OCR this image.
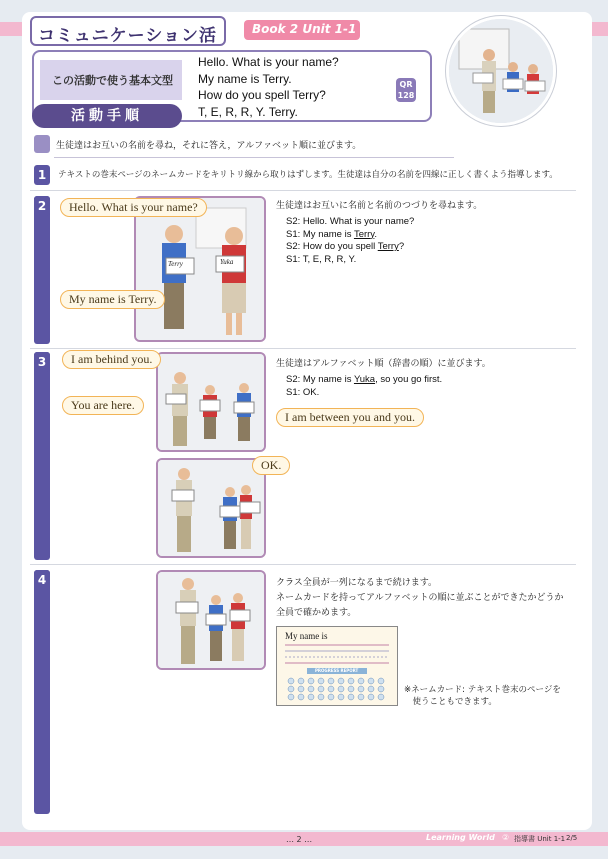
コミュニケーション活	Book 2 Unit 1-1
この活動で使う基本文型
Hello. What is your name?
My name is Terry.
How do you spell Terry?
T, E, R, R, Y. Terry.
QR
128
活動手順
生徒達はお互いの名前を尋ね，それに答え，アルファベット順に並びます。
1	テキストの巻末ページのネームカードをキリトリ線から取りはずします。生徒達は自分の名前を四線に正しく書くよう指導します。
2
Terry	Yuka
Hello. What is your name?
My name is Terry.
生徒達はお互いに名前と名前のつづりを尋ねます。
S2: Hello. What is your name?
S1: My name is Terry.
S2: How do you spell Terry?
S1: T, E, R, R, Y.
3	I am behind you.
You are here.
I am between you and you.
OK.
生徒達はアルファベット順（辞書の順）に並びます。
S2: My name is Yuka, so you go first.
S1: OK.
4	クラス全員が一列になるまで続けます。
ネームカードを持ってアルファベットの順に並ぶことができたかどうか
全員で確かめます。
My name is
PROGRESS REPORT
※ネームカード: テキスト巻末のページを
　使うこともできます。
… 2 …	Learning World ② 指導書 Unit 1-1 2/5
